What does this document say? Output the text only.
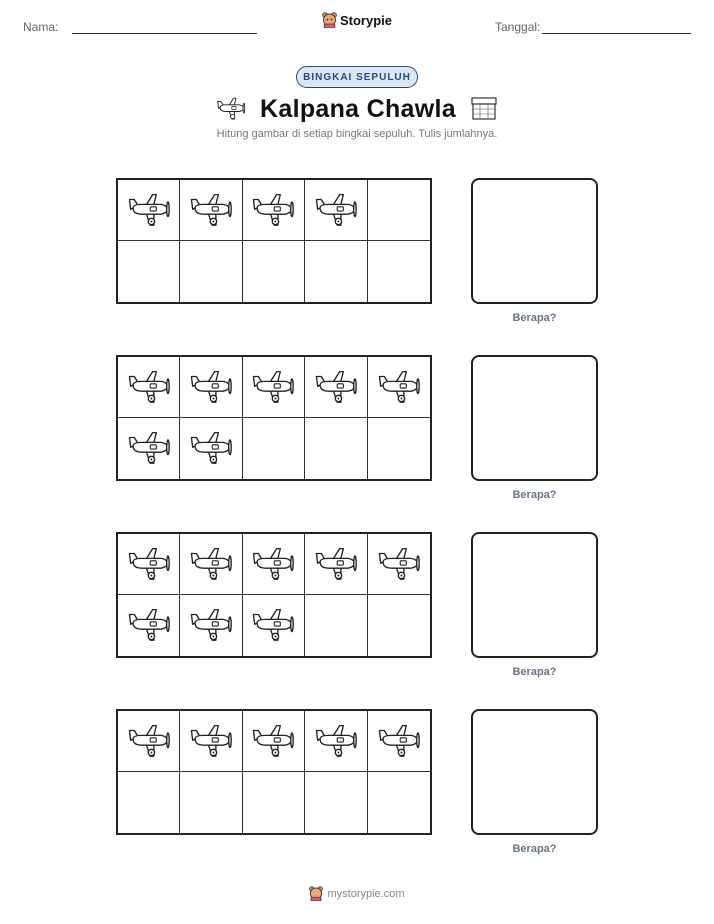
Nama:	Storypie	Tanggal:
BINGKAI SEPULUH
Kalpana Chawla
Hitung gambar di setiap bingkai sepuluh. Tulis jumlahnya.
Berapa?
Berapa?
Berapa?
Berapa?
mystorypie.com
